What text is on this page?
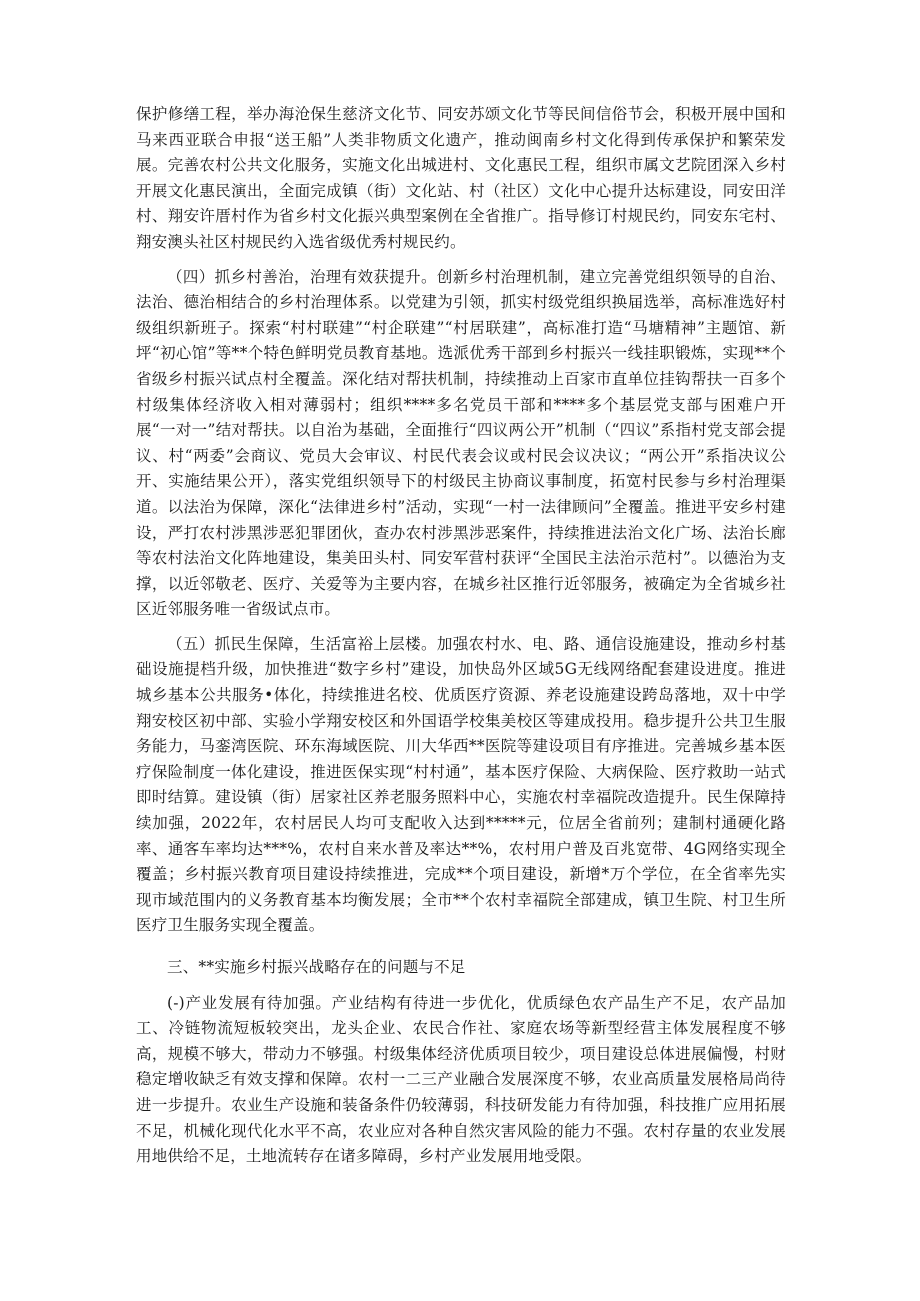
保护修缮工程，举办海沧保生慈济文化节、同安苏颂文化节等民间信俗节会，积极开展中国和马来西亚联合申报“送王船”人类非物质文化遗产，推动闽南乡村文化得到传承保护和繁荣发展。完善农村公共文化服务，实施文化出城进村、文化惠民工程，组织市属文艺院团深入乡村开展文化惠民演出，全面完成镇（街）文化站、村（社区）文化中心提升达标建设，同安田洋村、翔安许厝村作为省乡村文化振兴典型案例在全省推广。指导修订村规民约，同安东宅村、翔安澳头社区村规民约入选省级优秀村规民约。

（四）抓乡村善治，治理有效获提升。创新乡村治理机制，建立完善党组织领导的自治、法治、德治相结合的乡村治理体系。以党建为引领，抓实村级党组织换届选举，高标准选好村级组织新班子。探索“村村联建”“村企联建”“村居联建”，高标准打造“马塘精神”主题馆、新坪“初心馆”等**个特色鲜明党员教育基地。选派优秀干部到乡村振兴一线挂职锻炼，实现**个省级乡村振兴试点村全覆盖。深化结对帮扶机制，持续推动上百家市直单位挂钩帮扶一百多个村级集体经济收入相对薄弱村；组织****多名党员干部和****多个基层党支部与困难户开展“一对一”结对帮扶。以自治为基础，全面推行“四议两公开”机制（“四议”系指村党支部会提议、村“两委”会商议、党员大会审议、村民代表会议或村民会议决议；“两公开”系指决议公开、实施结果公开），落实党组织领导下的村级民主协商议事制度，拓宽村民参与乡村治理渠道。以法治为保障，深化“法律进乡村”活动，实现“一村一法律顾问”全覆盖。推进平安乡村建设，严打农村涉黑涉恶犯罪团伙，查办农村涉黑涉恶案件，持续推进法治文化广场、法治长廊等农村法治文化阵地建设，集美田头村、同安军营村获评“全国民主法治示范村”。以德治为支撑，以近邻敬老、医疗、关爱等为主要内容，在城乡社区推行近邻服务，被确定为全省城乡社区近邻服务唯一省级试点市。

（五）抓民生保障，生活富裕上层楼。加强农村水、电、路、通信设施建设，推动乡村基础设施提档升级，加快推进“数字乡村”建设，加快岛外区域5G无线网络配套建设进度。推进城乡基本公共服务•体化，持续推进名校、优质医疗资源、养老设施建设跨岛落地，双十中学翔安校区初中部、实验小学翔安校区和外国语学校集美校区等建成投用。稳步提升公共卫生服务能力，马銮湾医院、环东海域医院、川大华西**医院等建设项目有序推进。完善城乡基本医疗保险制度一体化建设，推进医保实现“村村通”，基本医疗保险、大病保险、医疗救助一站式即时结算。建设镇（街）居家社区养老服务照料中心，实施农村幸福院改造提升。民生保障持续加强，2022年，农村居民人均可支配收入达到*****元，位居全省前列；建制村通硬化路率、通客车率均达***%，农村自来水普及率达**%，农村用户普及百兆宽带、4G网络实现全覆盖；乡村振兴教育项目建设持续推进，完成**个项目建设，新增*万个学位，在全省率先实现市域范围内的义务教育基本均衡发展；全市**个农村幸福院全部建成，镇卫生院、村卫生所医疗卫生服务实现全覆盖。

三、**实施乡村振兴战略存在的问题与不足

(-)产业发展有待加强。产业结构有待进一步优化，优质绿色农产品生产不足，农产品加工、冷链物流短板较突出，龙头企业、农民合作社、家庭农场等新型经营主体发展程度不够高，规模不够大，带动力不够强。村级集体经济优质项目较少，项目建设总体进展偏慢，村财稳定增收缺乏有效支撑和保障。农村一二三产业融合发展深度不够，农业高质量发展格局尚待进一步提升。农业生产设施和装备条件仍较薄弱，科技研发能力有待加强，科技推广应用拓展不足，机械化现代化水平不高，农业应对各种自然灾害风险的能力不强。农村存量的农业发展用地供给不足，土地流转存在诸多障碍，乡村产业发展用地受限。
